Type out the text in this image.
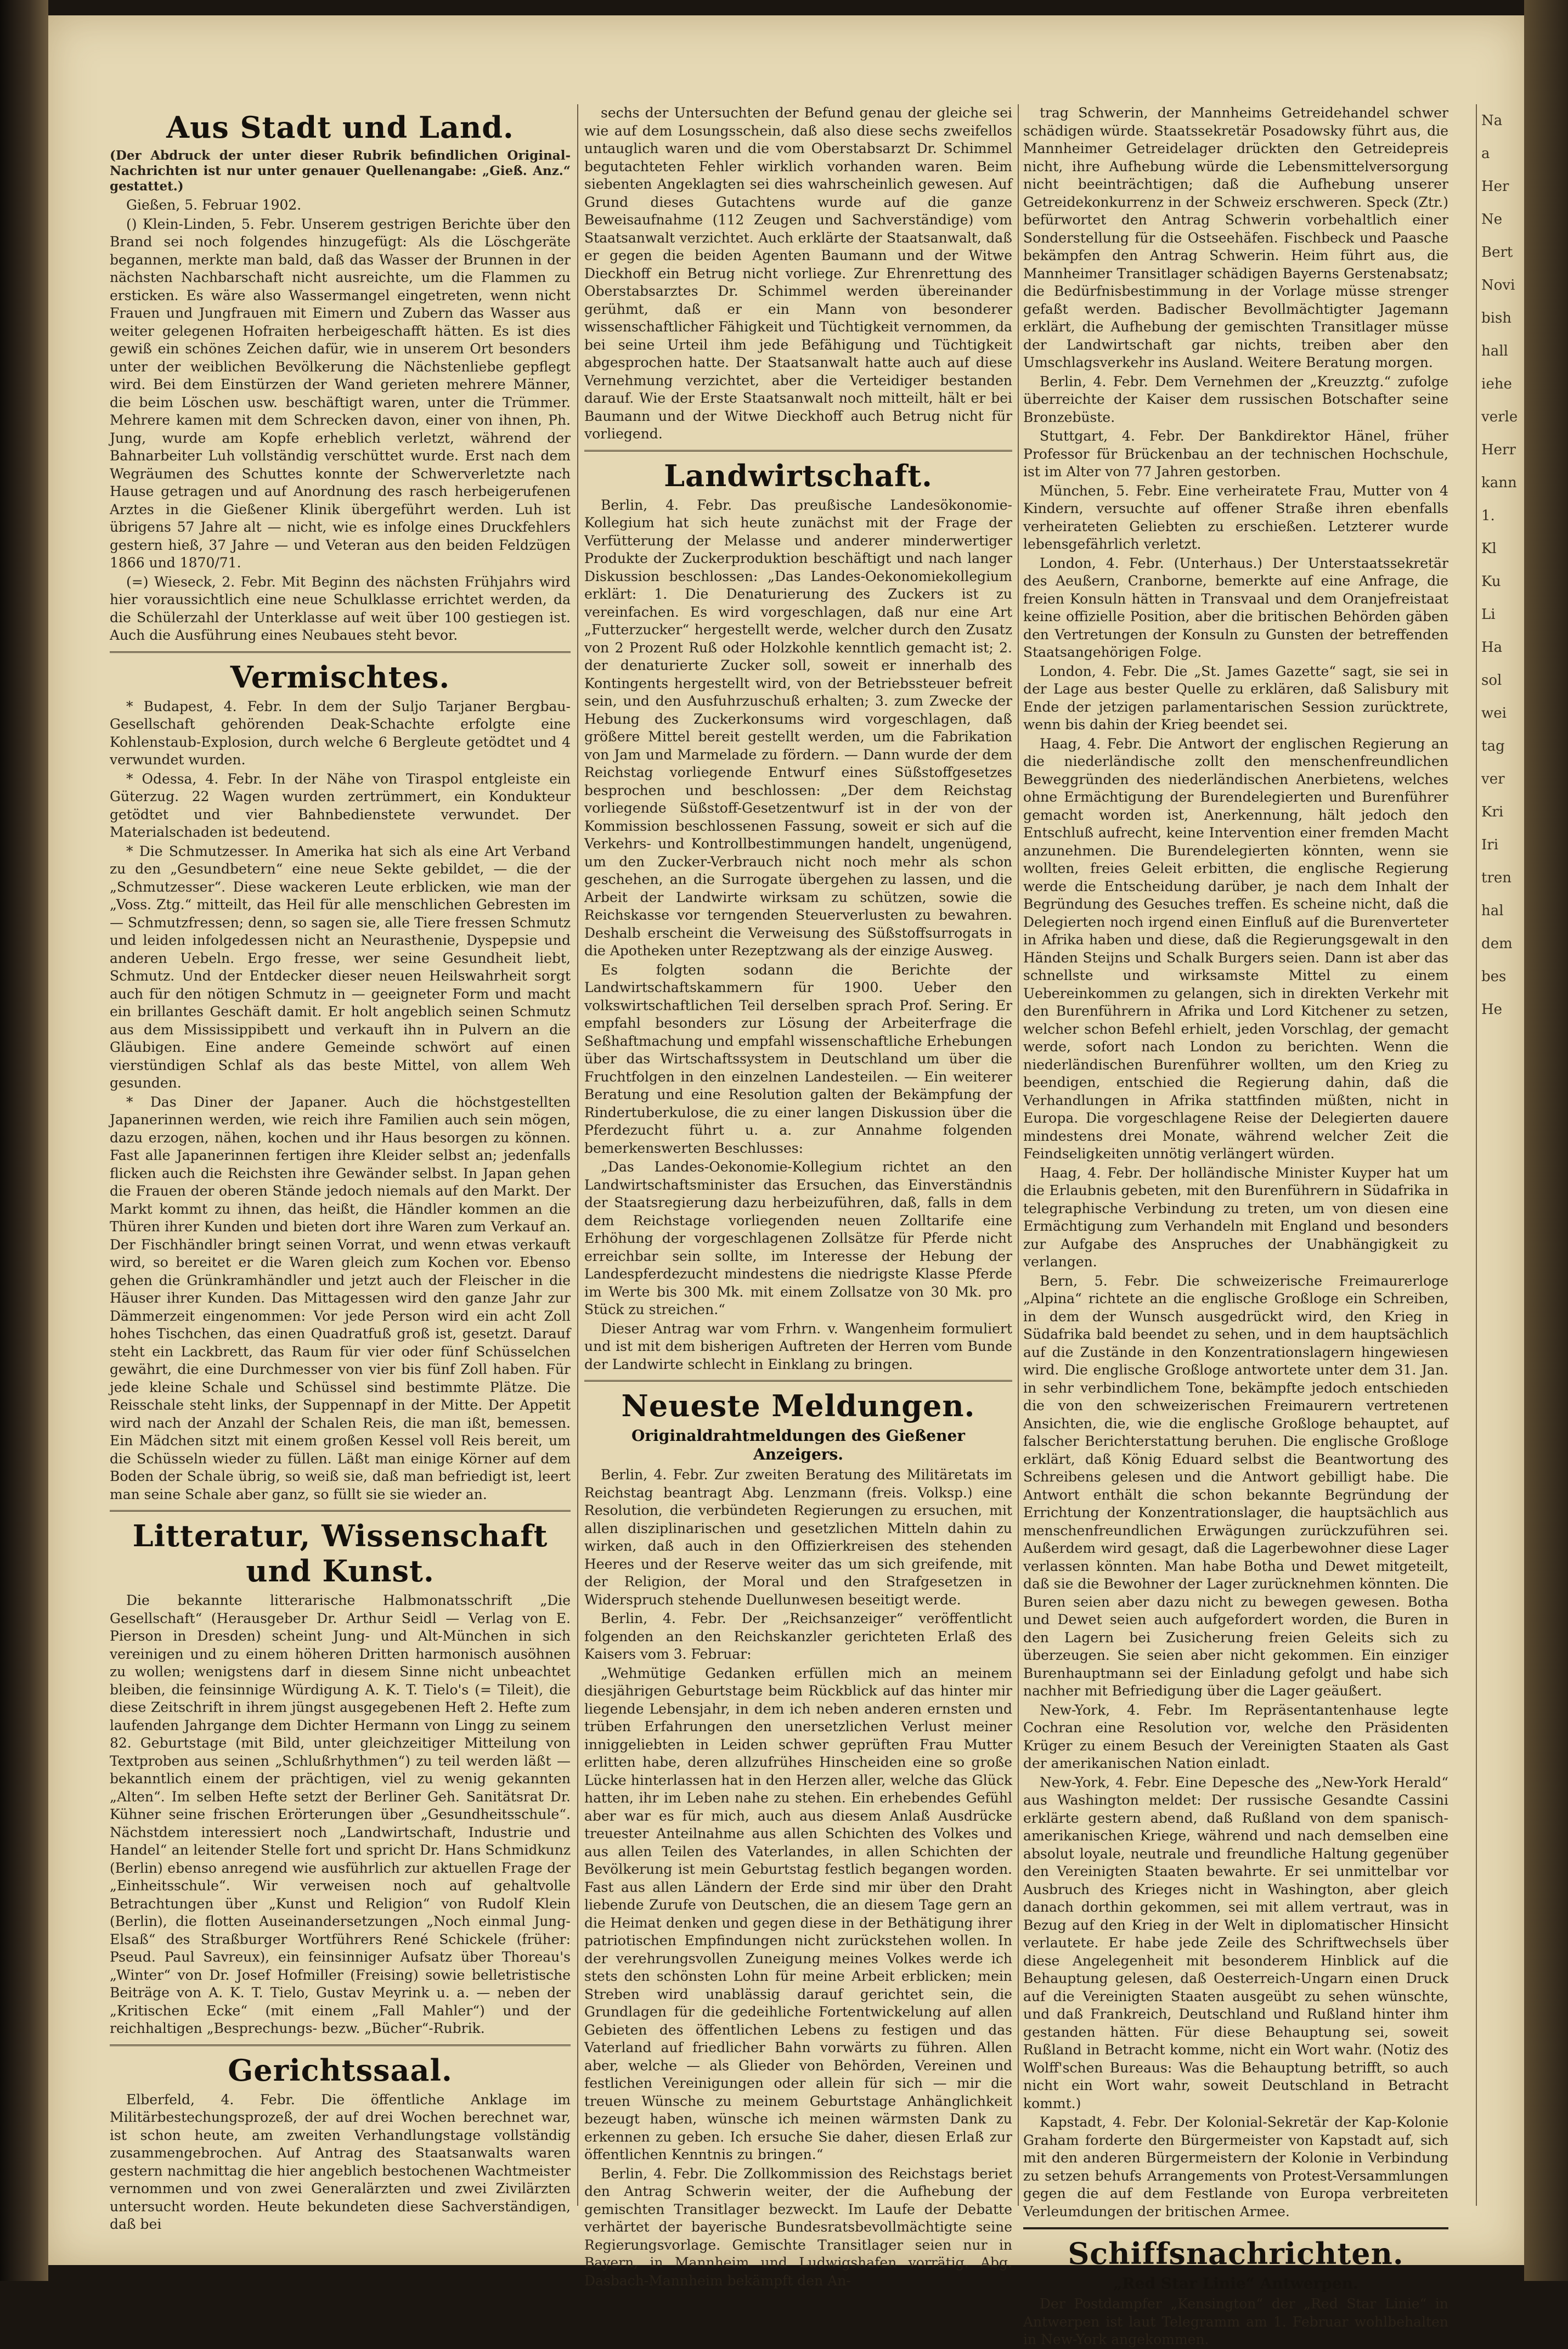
Aus Stadt und Land.
(Der Abdruck der unter dieser Rubrik befindlichen Original-Nachrichten ist nur unter genauer Quellenangabe: „Gieß. Anz.“ gestattet.)

Gießen, 5. Februar 1902.

() Klein-Linden, 5. Febr. Unserem gestrigen Berichte über den Brand sei noch folgendes hinzugefügt: Als die Löschgeräte begannen, merkte man bald, daß das Wasser der Brunnen in der nächsten Nachbarschaft nicht ausreichte, um die Flammen zu ersticken. Es wäre also Wassermangel eingetreten, wenn nicht Frauen und Jungfrauen mit Eimern und Zubern das Wasser aus weiter gelegenen Hofraiten herbeigeschafft hätten. Es ist dies gewiß ein schönes Zeichen dafür, wie in unserem Ort besonders unter der weiblichen Bevölkerung die Nächstenliebe gepflegt wird. Bei dem Einstürzen der Wand gerieten mehrere Männer, die beim Löschen usw. beschäftigt waren, unter die Trümmer. Mehrere kamen mit dem Schrecken davon, einer von ihnen, Ph. Jung, wurde am Kopfe erheblich verletzt, während der Bahnarbeiter Luh vollständig verschüttet wurde. Erst nach dem Wegräumen des Schuttes konnte der Schwerverletzte nach Hause getragen und auf Anordnung des rasch herbeigerufenen Arztes in die Gießener Klinik übergeführt werden. Luh ist übrigens 57 Jahre alt — nicht, wie es infolge eines Druckfehlers gestern hieß, 37 Jahre — und Veteran aus den beiden Feldzügen 1866 und 1870/71.

(=) Wieseck, 2. Febr. Mit Beginn des nächsten Frühjahrs wird hier voraussichtlich eine neue Schulklasse errichtet werden, da die Schülerzahl der Unterklasse auf weit über 100 gestiegen ist. Auch die Ausführung eines Neubaues steht bevor.

Vermischtes.

* Budapest, 4. Febr. In dem der Suljo Tarjaner Bergbau-Gesellschaft gehörenden Deak-Schachte erfolgte eine Kohlenstaub-Explosion, durch welche 6 Bergleute getödtet und 4 verwundet wurden.

* Odessa, 4. Febr. In der Nähe von Tiraspol entgleiste ein Güterzug. 22 Wagen wurden zertrümmert, ein Kondukteur getödtet und vier Bahnbedienstete verwundet. Der Materialschaden ist bedeutend.

* Die Schmutzesser. In Amerika hat sich als eine Art Verband zu den „Gesundbetern“ eine neue Sekte gebildet, — die der „Schmutzesser“. Diese wackeren Leute erblicken, wie man der „Voss. Ztg.“ mitteilt, das Heil für alle menschlichen Gebresten im — Schmutzfressen; denn, so sagen sie, alle Tiere fressen Schmutz und leiden infolgedessen nicht an Neurasthenie, Dyspepsie und anderen Uebeln. Ergo fresse, wer seine Gesundheit liebt, Schmutz. Und der Entdecker dieser neuen Heilswahrheit sorgt auch für den nötigen Schmutz in — geeigneter Form und macht ein brillantes Geschäft damit. Er holt angeblich seinen Schmutz aus dem Mississippibett und verkauft ihn in Pulvern an die Gläubigen. Eine andere Gemeinde schwört auf einen vierstündigen Schlaf als das beste Mittel, von allem Weh gesunden.

* Das Diner der Japaner. Auch die höchstgestellten Japanerinnen werden, wie reich ihre Familien auch sein mögen, dazu erzogen, nähen, kochen und ihr Haus besorgen zu können. Fast alle Japanerinnen fertigen ihre Kleider selbst an; jedenfalls flicken auch die Reichsten ihre Gewänder selbst. In Japan gehen die Frauen der oberen Stände jedoch niemals auf den Markt. Der Markt kommt zu ihnen, das heißt, die Händler kommen an die Thüren ihrer Kunden und bieten dort ihre Waren zum Verkauf an. Der Fischhändler bringt seinen Vorrat, und wenn etwas verkauft wird, so bereitet er die Waren gleich zum Kochen vor. Ebenso gehen die Grünkramhändler und jetzt auch der Fleischer in die Häuser ihrer Kunden. Das Mittagessen wird den ganze Jahr zur Dämmerzeit eingenommen: Vor jede Person wird ein acht Zoll hohes Tischchen, das einen Quadratfuß groß ist, gesetzt. Darauf steht ein Lackbrett, das Raum für vier oder fünf Schüsselchen gewährt, die eine Durchmesser von vier bis fünf Zoll haben. Für jede kleine Schale und Schüssel sind bestimmte Plätze. Die Reisschale steht links, der Suppennapf in der Mitte. Der Appetit wird nach der Anzahl der Schalen Reis, die man ißt, bemessen. Ein Mädchen sitzt mit einem großen Kessel voll Reis bereit, um die Schüsseln wieder zu füllen. Läßt man einige Körner auf dem Boden der Schale übrig, so weiß sie, daß man befriedigt ist, leert man seine Schale aber ganz, so füllt sie sie wieder an.

Litteratur, Wissenschaft und Kunst.

Die bekannte litterarische Halbmonatsschrift „Die Gesellschaft“ (Herausgeber Dr. Arthur Seidl — Verlag von E. Pierson in Dresden) scheint Jung- und Alt-München in sich vereinigen und zu einem höheren Dritten harmonisch ausöhnen zu wollen; wenigstens darf in diesem Sinne nicht unbeachtet bleiben, die feinsinnige Würdigung A. K. T. Tielo's (= Tileit), die diese Zeitschrift in ihrem jüngst ausgegebenen Heft 2. Hefte zum laufenden Jahrgange dem Dichter Hermann von Lingg zu seinem 82. Geburtstage (mit Bild, unter gleichzeitiger Mitteilung von Textproben aus seinen „Schlußrhythmen“) zu teil werden läßt — bekanntlich einem der prächtigen, viel zu wenig gekannten „Alten“. Im selben Hefte setzt der Berliner Geh. Sanitätsrat Dr. Kühner seine frischen Erörterungen über „Gesundheitsschule“. Nächstdem interessiert noch „Landwirtschaft, Industrie und Handel“ an leitender Stelle fort und spricht Dr. Hans Schmidkunz (Berlin) ebenso anregend wie ausführlich zur aktuellen Frage der „Einheitsschule“. Wir verweisen noch auf gehaltvolle Betrachtungen über „Kunst und Religion“ von Rudolf Klein (Berlin), die flotten Auseinandersetzungen „Noch einmal Jung-Elsaß“ des Straßburger Wortführers René Schickele (früher: Pseud. Paul Savreux), ein feinsinniger Aufsatz über Thoreau's „Winter“ von Dr. Josef Hofmiller (Freising) sowie belletristische Beiträge von A. K. T. Tielo, Gustav Meyrink u. a. — neben der „Kritischen Ecke“ (mit einem „Fall Mahler“) und der reichhaltigen „Besprechungs- bezw. „Bücher“-Rubrik.

Gerichtssaal.

Elberfeld, 4. Febr. Die öffentliche Anklage im Militärbestechungsprozeß, der auf drei Wochen berechnet war, ist schon heute, am zweiten Verhandlungstage vollständig zusammengebrochen. Auf Antrag des Staatsanwalts waren gestern nachmittag die hier angeblich bestochenen Wachtmeister vernommen und von zwei Generalärzten und zwei Zivilärzten untersucht worden. Heute bekundeten diese Sachverständigen, daß bei

sechs der Untersuchten der Befund genau der gleiche sei wie auf dem Losungsschein, daß also diese sechs zweifellos untauglich waren und die vom Oberstabsarzt Dr. Schimmel begutachteten Fehler wirklich vorhanden waren. Beim siebenten Angeklagten sei dies wahrscheinlich gewesen. Auf Grund dieses Gutachtens wurde auf die ganze Beweisaufnahme (112 Zeugen und Sachverständige) vom Staatsanwalt verzichtet. Auch erklärte der Staatsanwalt, daß er gegen die beiden Agenten Baumann und der Witwe Dieckhoff ein Betrug nicht vorliege. Zur Ehrenrettung des Oberstabsarztes Dr. Schimmel werden übereinander gerühmt, daß er ein Mann von besonderer wissenschaftlicher Fähigkeit und Tüchtigkeit vernommen, da bei seine Urteil ihm jede Befähigung und Tüchtigkeit abgesprochen hatte. Der Staatsanwalt hatte auch auf diese Vernehmung verzichtet, aber die Verteidiger bestanden darauf. Wie der Erste Staatsanwalt noch mitteilt, hält er bei Baumann und der Witwe Dieckhoff auch Betrug nicht für vorliegend.

Landwirtschaft.

Berlin, 4. Febr. Das preußische Landesökonomie-Kollegium hat sich heute zunächst mit der Frage der Verfütterung der Melasse und anderer minderwertiger Produkte der Zuckerproduktion beschäftigt und nach langer Diskussion beschlossen: „Das Landes-Oekonomiekollegium erklärt: 1. Die Denaturierung des Zuckers ist zu vereinfachen. Es wird vorgeschlagen, daß nur eine Art „Futterzucker“ hergestellt werde, welcher durch den Zusatz von 2 Prozent Ruß oder Holzkohle kenntlich gemacht ist; 2. der denaturierte Zucker soll, soweit er innerhalb des Kontingents hergestellt wird, von der Betriebssteuer befreit sein, und den Ausfuhrzuschuß erhalten; 3. zum Zwecke der Hebung des Zuckerkonsums wird vorgeschlagen, daß größere Mittel bereit gestellt werden, um die Fabrikation von Jam und Marmelade zu fördern. — Dann wurde der dem Reichstag vorliegende Entwurf eines Süßstoffgesetzes besprochen und beschlossen: „Der dem Reichstag vorliegende Süßstoff-Gesetzentwurf ist in der von der Kommission beschlossenen Fassung, soweit er sich auf die Verkehrs- und Kontrollbestimmungen handelt, ungenügend, um den Zucker-Verbrauch nicht noch mehr als schon geschehen, an die Surrogate übergehen zu lassen, und die Arbeit der Landwirte wirksam zu schützen, sowie die Reichskasse vor terngenden Steuerverlusten zu bewahren. Deshalb erscheint die Verweisung des Süßstoffsurrogats in die Apotheken unter Rezeptzwang als der einzige Ausweg.

Es folgten sodann die Berichte der Landwirtschaftskammern für 1900. Ueber den volkswirtschaftlichen Teil derselben sprach Prof. Sering. Er empfahl besonders zur Lösung der Arbeiterfrage die Seßhaftmachung und empfahl wissenschaftliche Erhebungen über das Wirtschaftssystem in Deutschland um über die Fruchtfolgen in den einzelnen Landesteilen. — Ein weiterer Beratung und eine Resolution galten der Bekämpfung der Rindertuberkulose, die zu einer langen Diskussion über die Pferdezucht führt u. a. zur Annahme folgenden bemerkenswerten Beschlusses:

„Das Landes-Oekonomie-Kollegium richtet an den Landwirtschaftsminister das Ersuchen, das Einverständnis der Staatsregierung dazu herbeizuführen, daß, falls in dem dem Reichstage vorliegenden neuen Zolltarife eine Erhöhung der vorgeschlagenen Zollsätze für Pferde nicht erreichbar sein sollte, im Interesse der Hebung der Landespferdezucht mindestens die niedrigste Klasse Pferde im Werte bis 300 Mk. mit einem Zollsatze von 30 Mk. pro Stück zu streichen.“

Dieser Antrag war vom Frhrn. v. Wangenheim formuliert und ist mit dem bisherigen Auftreten der Herren vom Bunde der Landwirte schlecht in Einklang zu bringen.

Neueste Meldungen.
Originaldrahtmeldungen des Gießener Anzeigers.

Berlin, 4. Febr. Zur zweiten Beratung des Militäretats im Reichstag beantragt Abg. Lenzmann (freis. Volksp.) eine Resolution, die verbündeten Regierungen zu ersuchen, mit allen disziplinarischen und gesetzlichen Mitteln dahin zu wirken, daß auch in den Offizierkreisen des stehenden Heeres und der Reserve weiter das um sich greifende, mit der Religion, der Moral und den Strafgesetzen in Widerspruch stehende Duellunwesen beseitigt werde.

Berlin, 4. Febr. Der „Reichsanzeiger“ veröffentlicht folgenden an den Reichskanzler gerichteten Erlaß des Kaisers vom 3. Februar:

„Wehmütige Gedanken erfüllen mich an meinem diesjährigen Geburtstage beim Rückblick auf das hinter mir liegende Lebensjahr, in dem ich neben anderen ernsten und trüben Erfahrungen den unersetzlichen Verlust meiner inniggeliebten in Leiden schwer geprüften Frau Mutter erlitten habe, deren allzufrühes Hinscheiden eine so große Lücke hinterlassen hat in den Herzen aller, welche das Glück hatten, ihr im Leben nahe zu stehen. Ein erhebendes Gefühl aber war es für mich, auch aus diesem Anlaß Ausdrücke treuester Anteilnahme aus allen Schichten des Volkes und aus allen Teilen des Vaterlandes, in allen Schichten der Bevölkerung ist mein Geburtstag festlich begangen worden. Fast aus allen Ländern der Erde sind mir über den Draht liebende Zurufe von Deutschen, die an diesem Tage gern an die Heimat denken und gegen diese in der Bethätigung ihrer patriotischen Empfindungen nicht zurückstehen wollen. In der verehrungsvollen Zuneigung meines Volkes werde ich stets den schönsten Lohn für meine Arbeit erblicken; mein Streben wird unablässig darauf gerichtet sein, die Grundlagen für die gedeihliche Fortentwickelung auf allen Gebieten des öffentlichen Lebens zu festigen und das Vaterland auf friedlicher Bahn vorwärts zu führen. Allen aber, welche — als Glieder von Behörden, Vereinen und festlichen Vereinigungen oder allein für sich — mir die treuen Wünsche zu meinem Geburtstage Anhänglichkeit bezeugt haben, wünsche ich meinen wärmsten Dank zu erkennen zu geben. Ich ersuche Sie daher, diesen Erlaß zur öffentlichen Kenntnis zu bringen.“

Berlin, 4. Febr. Die Zollkommission des Reichstags beriet den Antrag Schwerin weiter, der die Aufhebung der gemischten Transitlager bezweckt. Im Laufe der Debatte verhärtet der bayerische Bundesratsbevollmächtigte seine Regierungsvorlage. Gemischte Transitlager seien nur in Bayern, in Mannheim und Ludwigshafen vorrätig. Abg. Dasbach-Mannheim bekämpft den An-

trag Schwerin, der Mannheims Getreidehandel schwer schädigen würde. Staatssekretär Posadowsky führt aus, die Mannheimer Getreidelager drückten den Getreidepreis nicht, ihre Aufhebung würde die Lebensmittelversorgung nicht beeinträchtigen; daß die Aufhebung unserer Getreidekonkurrenz in der Schweiz erschweren. Speck (Ztr.) befürwortet den Antrag Schwerin vorbehaltlich einer Sonderstellung für die Ostseehäfen. Fischbeck und Paasche bekämpfen den Antrag Schwerin. Heim führt aus, die Mannheimer Transitlager schädigen Bayerns Gerstenabsatz; die Bedürfnisbestimmung in der Vorlage müsse strenger gefaßt werden. Badischer Bevollmächtigter Jagemann erklärt, die Aufhebung der gemischten Transitlager müsse der Landwirtschaft gar nichts, treiben aber den Umschlagsverkehr ins Ausland. Weitere Beratung morgen.

Berlin, 4. Febr. Dem Vernehmen der „Kreuzztg.“ zufolge überreichte der Kaiser dem russischen Botschafter seine Bronzebüste.

Stuttgart, 4. Febr. Der Bankdirektor Hänel, früher Professor für Brückenbau an der technischen Hochschule, ist im Alter von 77 Jahren gestorben.

München, 5. Febr. Eine verheiratete Frau, Mutter von 4 Kindern, versuchte auf offener Straße ihren ebenfalls verheirateten Geliebten zu erschießen. Letzterer wurde lebensgefährlich verletzt.

London, 4. Febr. (Unterhaus.) Der Unterstaatssekretär des Aeußern, Cranborne, bemerkte auf eine Anfrage, die freien Konsuln hätten in Transvaal und dem Oranjefreistaat keine offizielle Position, aber die britischen Behörden gäben den Vertretungen der Konsuln zu Gunsten der betreffenden Staatsangehörigen Folge.

London, 4. Febr. Die „St. James Gazette“ sagt, sie sei in der Lage aus bester Quelle zu erklären, daß Salisbury mit Ende der jetzigen parlamentarischen Session zurücktrete, wenn bis dahin der Krieg beendet sei.

Haag, 4. Febr. Die Antwort der englischen Regierung an die niederländische zollt den menschenfreundlichen Beweggründen des niederländischen Anerbietens, welches ohne Ermächtigung der Burendelegierten und Burenführer gemacht worden ist, Anerkennung, hält jedoch den Entschluß aufrecht, keine Intervention einer fremden Macht anzunehmen. Die Burendelegierten könnten, wenn sie wollten, freies Geleit erbitten, die englische Regierung werde die Entscheidung darüber, je nach dem Inhalt der Begründung des Gesuches treffen. Es scheine nicht, daß die Delegierten noch irgend einen Einfluß auf die Burenverteter in Afrika haben und diese, daß die Regierungsgewalt in den Händen Steijns und Schalk Burgers seien. Dann ist aber das schnellste und wirksamste Mittel zu einem Uebereinkommen zu gelangen, sich in direkten Verkehr mit den Burenführern in Afrika und Lord Kitchener zu setzen, welcher schon Befehl erhielt, jeden Vorschlag, der gemacht werde, sofort nach London zu berichten. Wenn die niederländischen Burenführer wollten, um den Krieg zu beendigen, entschied die Regierung dahin, daß die Verhandlungen in Afrika stattfinden müßten, nicht in Europa. Die vorgeschlagene Reise der Delegierten dauere mindestens drei Monate, während welcher Zeit die Feindseligkeiten unnötig verlängert würden.

Haag, 4. Febr. Der holländische Minister Kuyper hat um die Erlaubnis gebeten, mit den Burenführern in Südafrika in telegraphische Verbindung zu treten, um von diesen eine Ermächtigung zum Verhandeln mit England und besonders zur Aufgabe des Anspruches der Unabhängigkeit zu verlangen.

Bern, 5. Febr. Die schweizerische Freimaurerloge „Alpina“ richtete an die englische Großloge ein Schreiben, in dem der Wunsch ausgedrückt wird, den Krieg in Südafrika bald beendet zu sehen, und in dem hauptsächlich auf die Zustände in den Konzentrationslagern hingewiesen wird. Die englische Großloge antwortete unter dem 31. Jan. in sehr verbindlichem Tone, bekämpfte jedoch entschieden die von den schweizerischen Freimaurern vertretenen Ansichten, die, wie die englische Großloge behauptet, auf falscher Berichterstattung beruhen. Die englische Großloge erklärt, daß König Eduard selbst die Beantwortung des Schreibens gelesen und die Antwort gebilligt habe. Die Antwort enthält die schon bekannte Begründung der Errichtung der Konzentrationslager, die hauptsächlich aus menschenfreundlichen Erwägungen zurückzuführen sei. Außerdem wird gesagt, daß die Lagerbewohner diese Lager verlassen könnten. Man habe Botha und Dewet mitgeteilt, daß sie die Bewohner der Lager zurücknehmen könnten. Die Buren seien aber dazu nicht zu bewegen gewesen. Botha und Dewet seien auch aufgefordert worden, die Buren in den Lagern bei Zusicherung freien Geleits sich zu überzeugen. Sie seien aber nicht gekommen. Ein einziger Burenhauptmann sei der Einladung gefolgt und habe sich nachher mit Befriedigung über die Lager geäußert.

New-York, 4. Febr. Im Repräsentantenhause legte Cochran eine Resolution vor, welche den Präsidenten Krüger zu einem Besuch der Vereinigten Staaten als Gast der amerikanischen Nation einladt.

New-York, 4. Febr. Eine Depesche des „New-York Herald“ aus Washington meldet: Der russische Gesandte Cassini erklärte gestern abend, daß Rußland von dem spanisch-amerikanischen Kriege, während und nach demselben eine absolut loyale, neutrale und freundliche Haltung gegenüber den Vereinigten Staaten bewahrte. Er sei unmittelbar vor Ausbruch des Krieges nicht in Washington, aber gleich danach dorthin gekommen, sei mit allem vertraut, was in Bezug auf den Krieg in der Welt in diplomatischer Hinsicht verlautete. Er habe jede Zeile des Schriftwechsels über diese Angelegenheit mit besonderem Hinblick auf die Behauptung gelesen, daß Oesterreich-Ungarn einen Druck auf die Vereinigten Staaten ausgeübt zu sehen wünschte, und daß Frankreich, Deutschland und Rußland hinter ihm gestanden hätten. Für diese Behauptung sei, soweit Rußland in Betracht komme, nicht ein Wort wahr. (Notiz des Wolff'schen Bureaus: Was die Behauptung betrifft, so auch nicht ein Wort wahr, soweit Deutschland in Betracht kommt.)

Kapstadt, 4. Febr. Der Kolonial-Sekretär der Kap-Kolonie Graham forderte den Bürgermeister von Kapstadt auf, sich mit den anderen Bürgermeistern der Kolonie in Verbindung zu setzen behufs Arrangements von Protest-Versammlungen gegen die auf dem Festlande von Europa verbreiteten Verleumdungen der britischen Armee.

Schiffsnachrichten.
„Red Star Linie“ Antwerpen.

Der Postdampfer „Kensington“ der „Red Star Linie“ in Antwerpen ist laut Telegramm am 1. Februar wohlbehalten in New-York angekommen.

Na
a
Her
Ne
Bert
Novi
bish
hall
iehe
verle
Herr
kann
1.
Kl
Ku
Li
Ha
sol
wei
tag
ver
Kri
Iri
tren
hal
dem
bes
He
